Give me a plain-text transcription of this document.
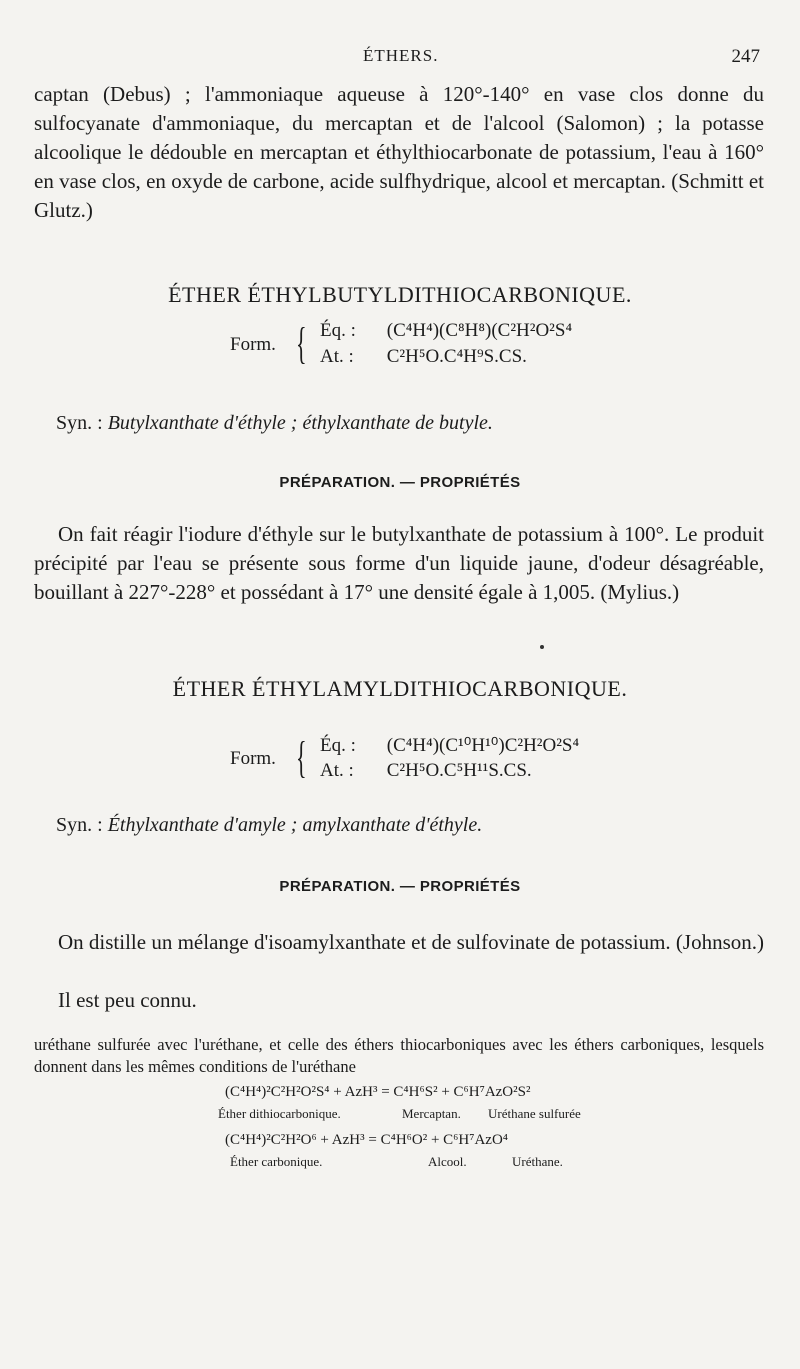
ÉTHERS.	247
captan (Debus) ; l'ammoniaque aqueuse à 120°-140° en vase clos donne du sulfocyanate d'ammoniaque, du mercaptan et de l'alcool (Salomon) ; la potasse alcoolique le dédouble en mercaptan et éthylthiocarbonate de potassium, l'eau à 160° en vase clos, en oxyde de carbone, acide sulfhydrique, alcool et mercaptan. (Schmitt et Glutz.)
ÉTHER ÉTHYLBUTYLDITHIOCARBONIQUE.
Form. { Éq. : (C⁴H⁴)(C⁸H⁸)(C²H²O²S⁴
At. : C²H⁵O.C⁴H⁹S.CS.
Syn. : Butylxanthate d'éthyle ; éthylxanthate de butyle.
PRÉPARATION. — PROPRIÉTÉS
On fait réagir l'iodure d'éthyle sur le butylxanthate de potassium à 100°. Le produit précipité par l'eau se présente sous forme d'un liquide jaune, d'odeur désagréable, bouillant à 227°-228° et possédant à 17° une densité égale à 1,005. (Mylius.)
ÉTHER ÉTHYLAMYLDITHIOCARBONIQUE.
Form. { Éq. : (C⁴H⁴)(C¹⁰H¹⁰)C²H²O²S⁴
At. : C²H⁵O.C⁵H¹¹S.CS.
Syn. : Éthylxanthate d'amyle ; amylxanthate d'éthyle.
PRÉPARATION. — PROPRIÉTÉS
On distille un mélange d'isoamylxanthate et de sulfovinate de potassium. (Johnson.)
Il est peu connu.
uréthane sulfurée avec l'uréthane, et celle des éthers thiocarboniques avec les éthers carboniques, lesquels donnent dans les mêmes conditions de l'uréthane
(C⁴H⁴)²C²H²O²S⁴ + AzH³ = C⁴H⁶S² + C⁶H⁷AzO²S²
Éther dithiocarbonique.	Mercaptan. Uréthane sulfurée
(C⁴H⁴)²C²H²O⁶ + AzH³ = C⁴H⁶O² + C⁶H⁷AzO⁴
Éther carbonique.	Alcool.	Uréthane.
